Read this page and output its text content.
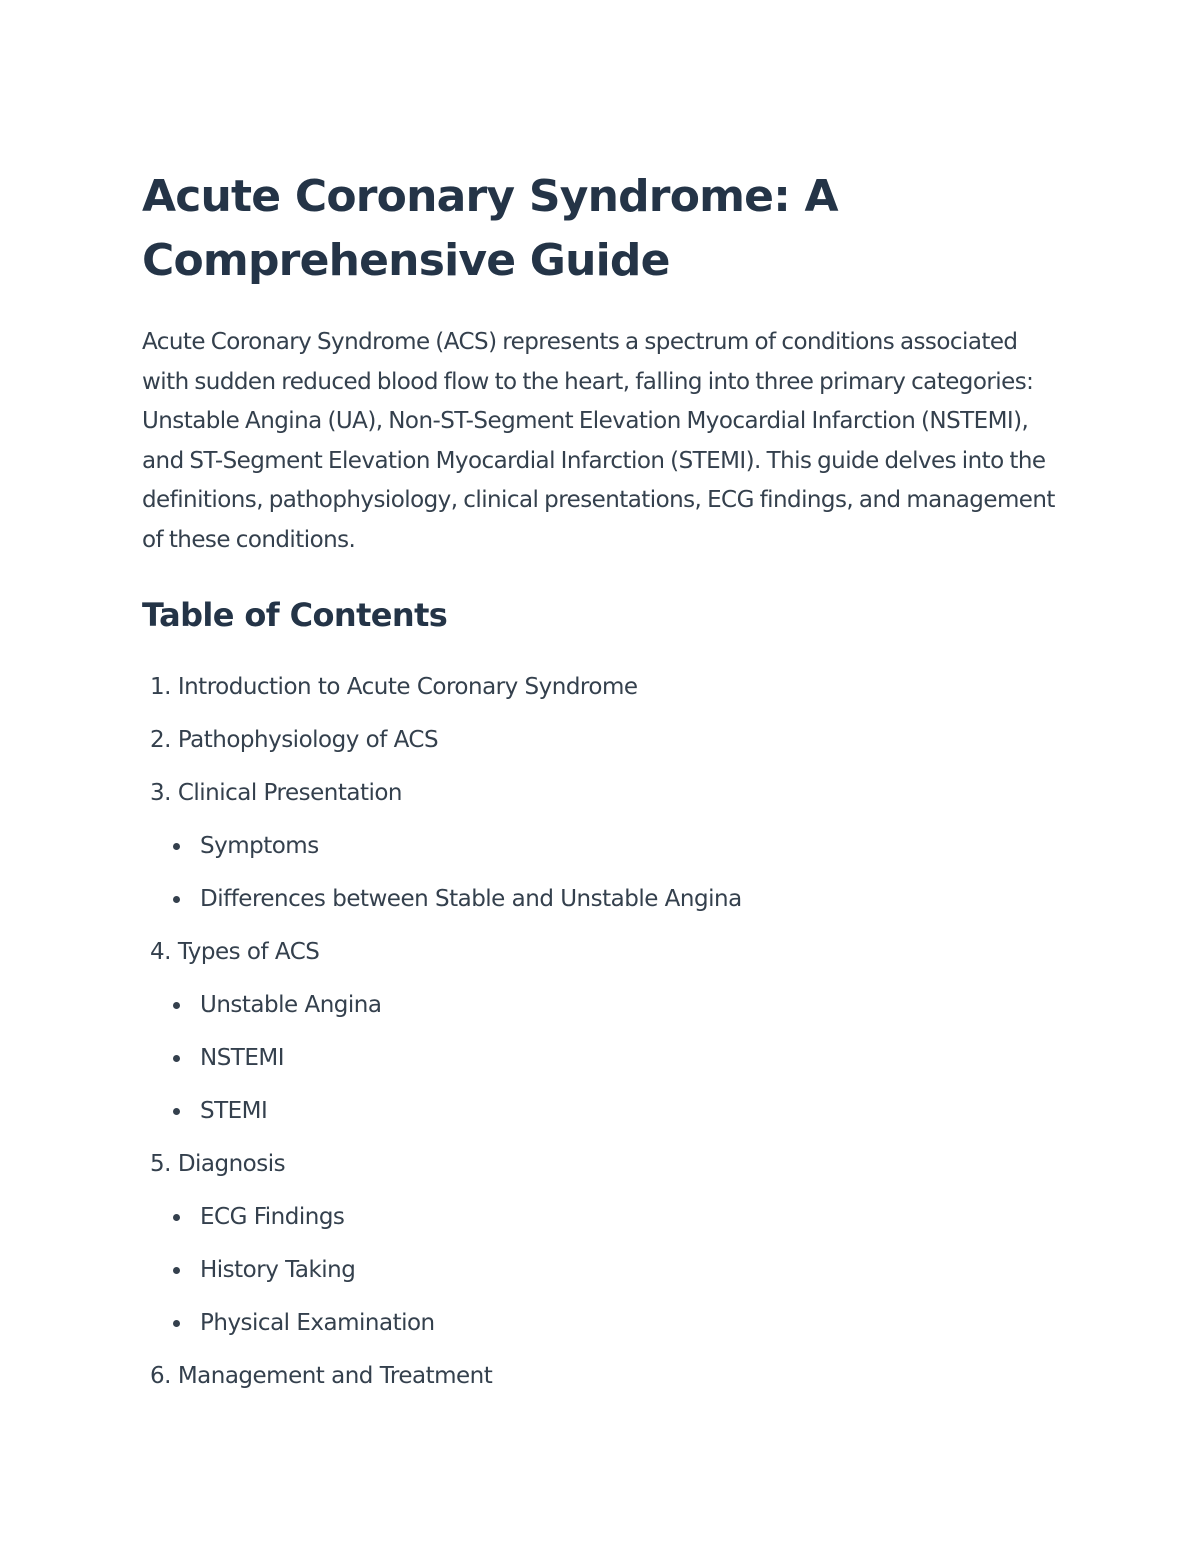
Acute Coronary Syndrome: A
Comprehensive Guide

Acute Coronary Syndrome (ACS) represents a spectrum of conditions associated with sudden reduced blood flow to the heart, falling into three primary categories: Unstable Angina (UA), Non-ST-Segment Elevation Myocardial Infarction (NSTEMI), and ST-Segment Elevation Myocardial Infarction (STEMI). This guide delves into the definitions, pathophysiology, clinical presentations, ECG findings, and management of these conditions.

Table of Contents
1. Introduction to Acute Coronary Syndrome
2. Pathophysiology of ACS
3. Clinical Presentation
Symptoms
Differences between Stable and Unstable Angina
4. Types of ACS
Unstable Angina
NSTEMI
STEMI
5. Diagnosis
ECG Findings
History Taking
Physical Examination
6. Management and Treatment
